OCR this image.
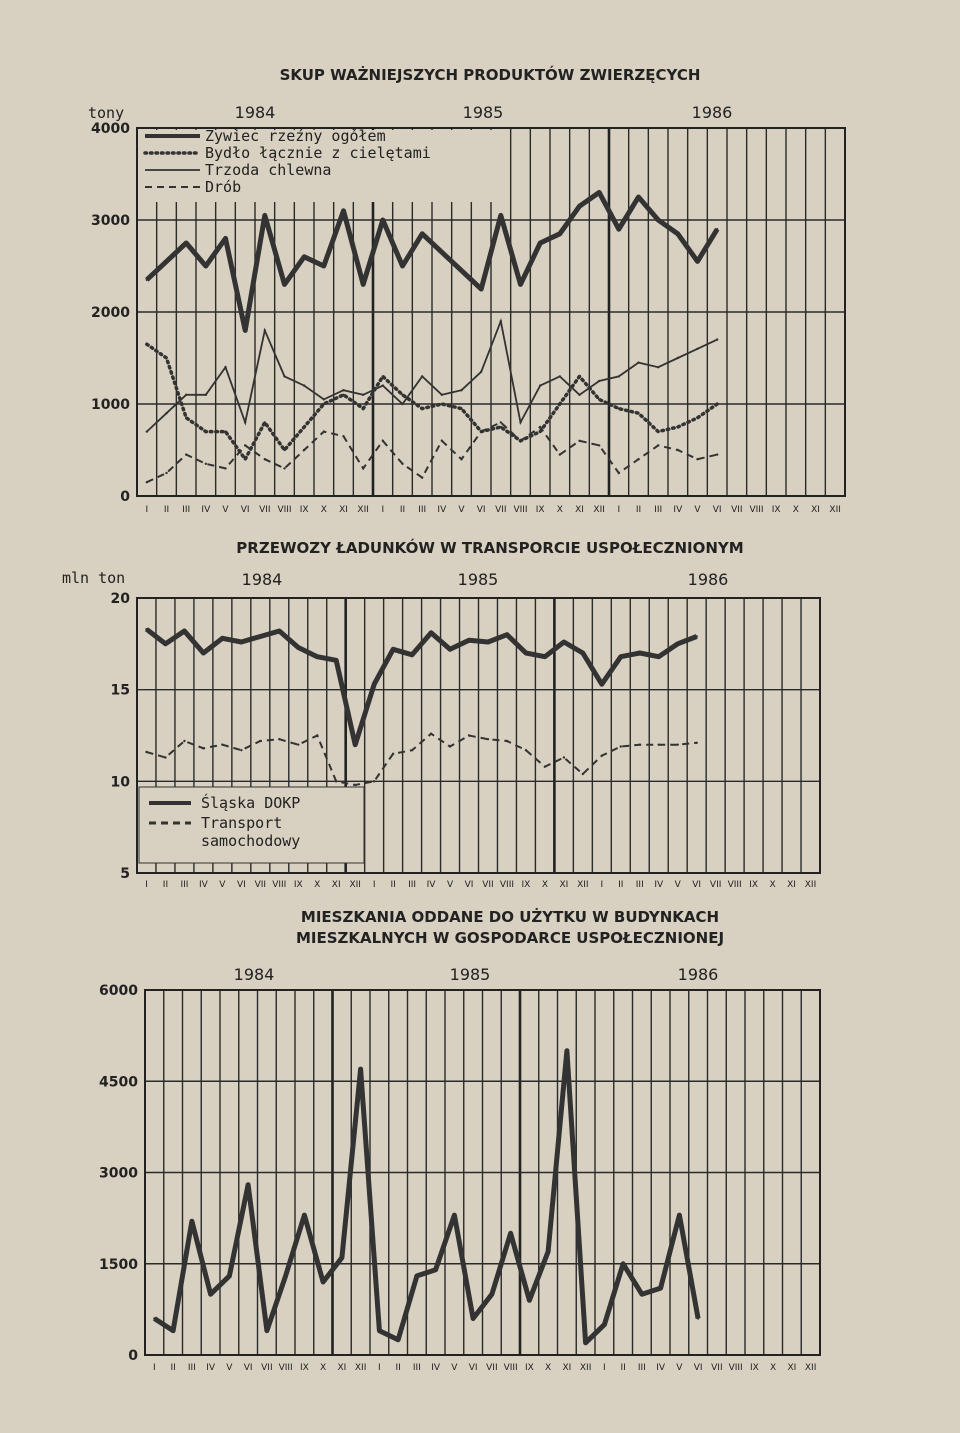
SKUP WAŻNIEJSZYCH PRODUKTÓW ZWIERZĘCYCH
tony	1984	1985	1986
4000
3000
2000
1000
0
I II III IV V VI VII VIII IX X XI XII I II III IV V VI VII VIII IX X XI XII I II III IV V VI VII VIII IX X XI XII
Żywiec rzeźny ogółem
Bydło łącznie z cielętami
Trzoda chlewna
Drób
PRZEWOZY ŁADUNKÓW W TRANSPORCIE USPOŁECZNIONYM
mln ton	1984	1985	1986
20
15
10
5
I II III IV V VI VII VIII IX X XI XII I II III IV V VI VII VIII IX X XI XII I II III IV V VI VII VIII IX X XI XII
Śląska DOKP
Transport
samochodowy
MIESZKANIA ODDANE DO UŻYTKU W BUDYNKACH
MIESZKALNYCH W GOSPODARCE USPOŁECZNIONEJ
1984	1985	1986
6000
4500
3000
1500
0
I II III IV V VI VII VIII IX X XI XII I II III IV V VI VII VIII IX X XI XII I II III IV V VI VII VIII IX X XI XII
